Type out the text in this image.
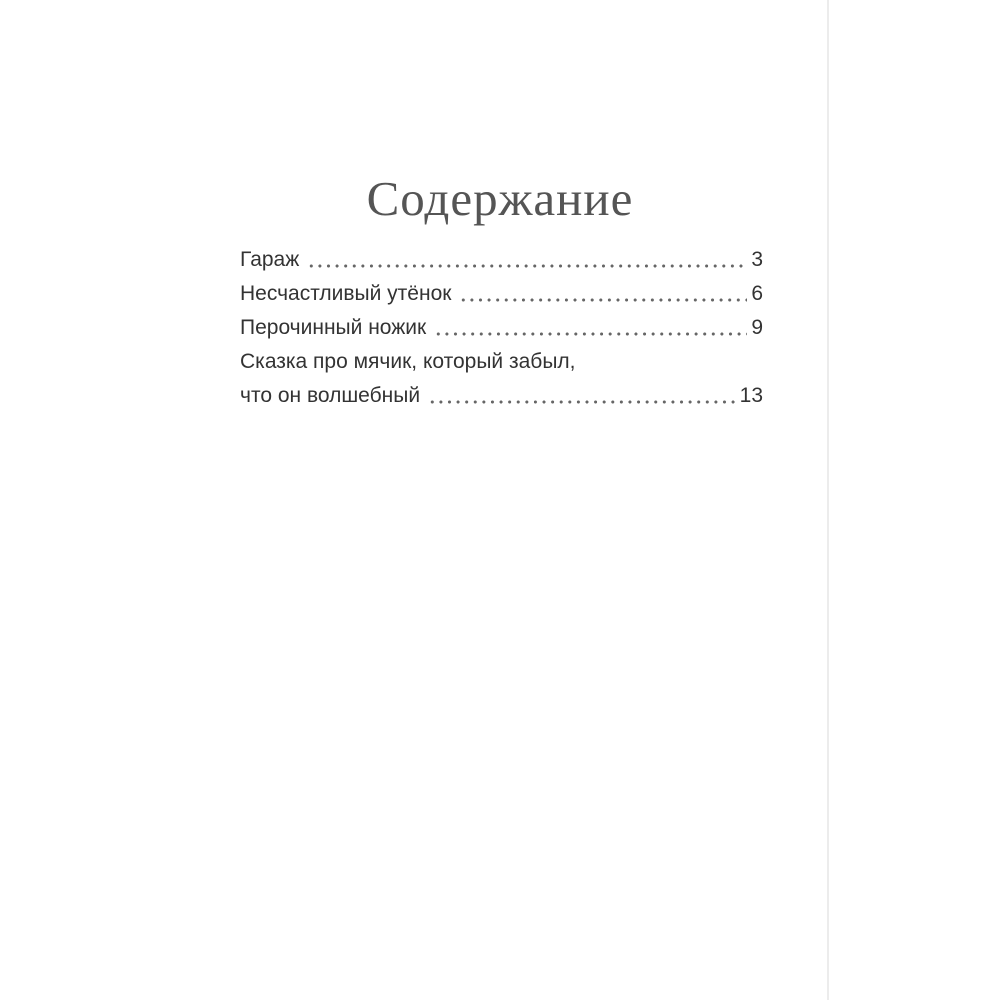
Содержание
Гараж	3
Несчастливый утёнок	6
Перочинный ножик	9
Сказка про мячик, который забыл,
что он волшебный	13
